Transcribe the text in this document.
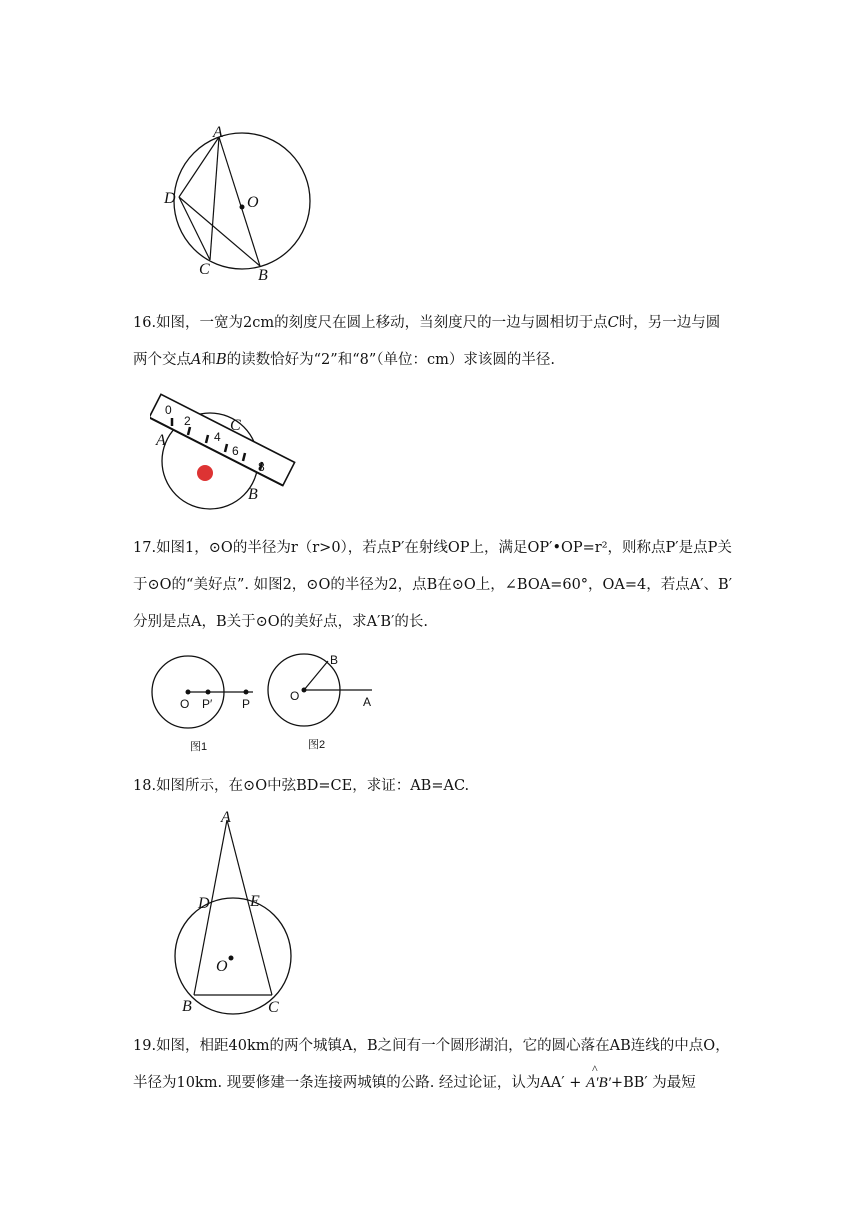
A
D	O
C	B

16.如图，一宽为2cm的刻度尺在圆上移动，当刻度尺的一边与圆相切于点C时，另一边与圆两个交点A和B的读数恰好为“2”和“8”（单位：cm）求该圆的半径.

0
2
4
6
8
A
C
B

17.如图1，⊙O的半径为r（r>0），若点P′在射线OP上，满足OP′•OP=r²，则称点P′是点P关于⊙O的“美好点”. 如图2，⊙O的半径为2，点B在⊙O上，∠BOA=60°，OA=4，若点A′、B′分别是点A，B关于⊙O的美好点，求A′B′的长.

O P′ P
图1
O
B
A
图2

18.如图所示，在⊙O中弦BD=CE，求证：AB=AC.

A
D	E
O
B	C

19.如图，相距40km的两个城镇A，B之间有一个圆形湖泊，它的圆心落在AB连线的中点O，半径为10km. 现要修建一条连接两城镇的公路. 经过论证，认为AA′ +
^
A′B′+BB′ 为最短
